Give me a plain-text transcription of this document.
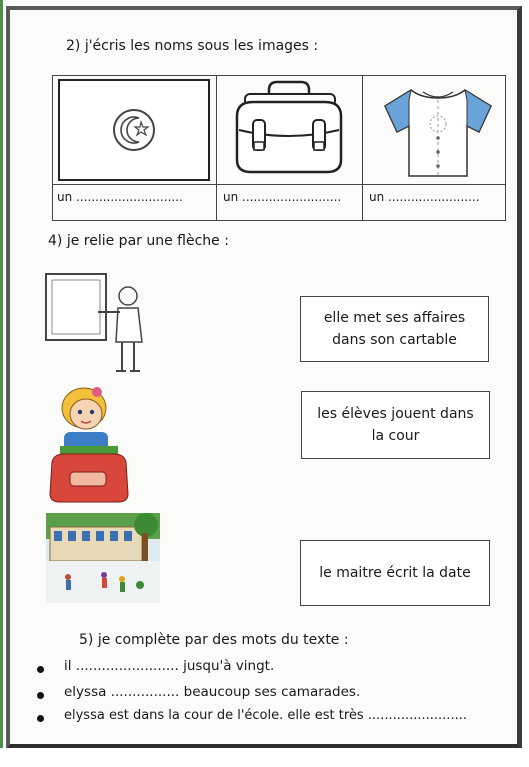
2) j'écris les noms sous les images :
un ............................	un .......................... un ........................
4) je relie par une flèche :
elle met ses affaires dans son cartable
les élèves jouent dans la cour
le maitre écrit la date
5) je complète par des mots du texte :
il ........................ jusqu'à vingt.
elyssa ................ beaucoup ses camarades.
elyssa est dans la cour de l'école. elle est très ........................
